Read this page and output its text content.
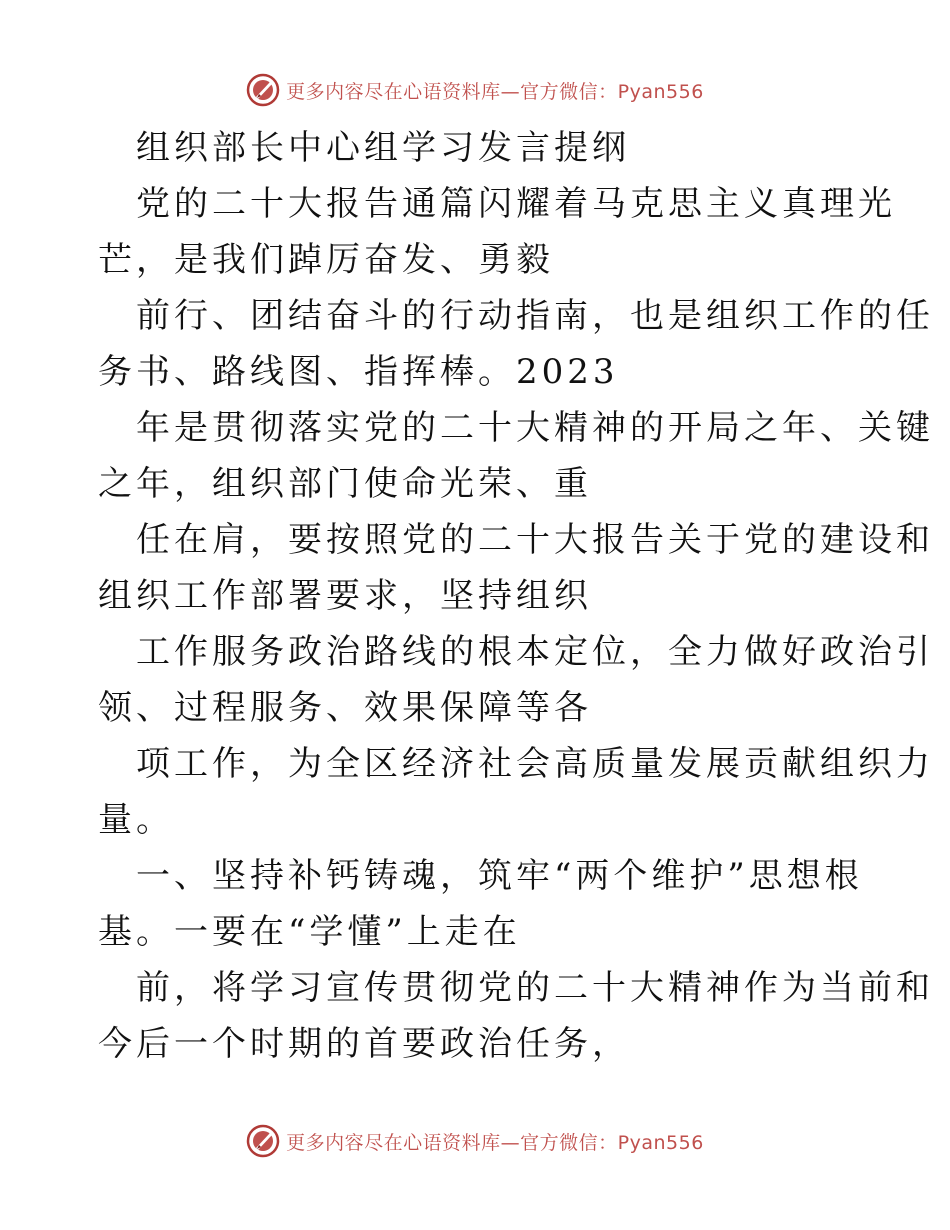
更多内容尽在心语资料库—官方微信：Pyan556

组织部长中心组学习发言提纲

党的二十大报告通篇闪耀着马克思主义真理光

芒，是我们踔厉奋发、勇毅

前行、团结奋斗的行动指南，也是组织工作的任

务书、路线图、指挥棒。2023

年是贯彻落实党的二十大精神的开局之年、关键

之年，组织部门使命光荣、重

任在肩，要按照党的二十大报告关于党的建设和

组织工作部署要求，坚持组织

工作服务政治路线的根本定位，全力做好政治引

领、过程服务、效果保障等各

项工作，为全区经济社会高质量发展贡献组织力

量。

一、坚持补钙铸魂，筑牢“两个维护”思想根

基。一要在“学懂”上走在

前，将学习宣传贯彻党的二十大精神作为当前和

今后一个时期的首要政治任务，

更多内容尽在心语资料库—官方微信：Pyan556
